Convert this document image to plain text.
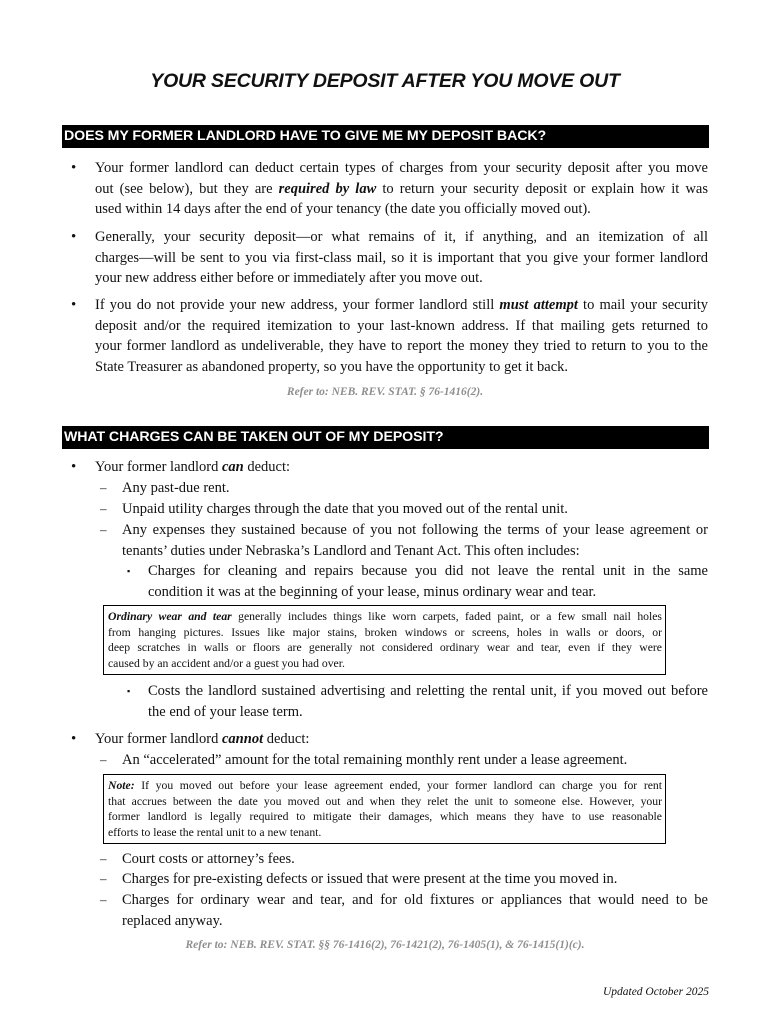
YOUR SECURITY DEPOSIT AFTER YOU MOVE OUT
DOES MY FORMER LANDLORD HAVE TO GIVE ME MY DEPOSIT BACK?
• Your former landlord can deduct certain types of charges from your security deposit after you move
out (see below), but they are required by law to return your security deposit or explain how it was
used within 14 days after the end of your tenancy (the date you officially moved out).
• Generally, your security deposit—or what remains of it, if anything, and an itemization of all
charges—will be sent to you via first-class mail, so it is important that you give your former landlord
your new address either before or immediately after you move out.
• If you do not provide your new address, your former landlord still must attempt to mail your security
deposit and/or the required itemization to your last-known address. If that mailing gets returned to
your former landlord as undeliverable, they have to report the money they tried to return to you to the
State Treasurer as abandoned property, so you have the opportunity to get it back.
Refer to: NEB. REV. STAT. § 76-1416(2).
WHAT CHARGES CAN BE TAKEN OUT OF MY DEPOSIT?
• Your former landlord can deduct:
– Any past-due rent.
– Unpaid utility charges through the date that you moved out of the rental unit.
– Any expenses they sustained because of you not following the terms of your lease agreement or
tenants’ duties under Nebraska’s Landlord and Tenant Act. This often includes:
▪ Charges for cleaning and repairs because you did not leave the rental unit in the same
condition it was at the beginning of your lease, minus ordinary wear and tear.
Ordinary wear and tear generally includes things like worn carpets, faded paint, or a few small nail holes
from hanging pictures. Issues like major stains, broken windows or screens, holes in walls or doors, or
deep scratches in walls or floors are generally not considered ordinary wear and tear, even if they were
caused by an accident and/or a guest you had over.
▪ Costs the landlord sustained advertising and reletting the rental unit, if you moved out before
the end of your lease term.
• Your former landlord cannot deduct:
– An “accelerated” amount for the total remaining monthly rent under a lease agreement.
Note: If you moved out before your lease agreement ended, your former landlord can charge you for rent
that accrues between the date you moved out and when they relet the unit to someone else. However, your
former landlord is legally required to mitigate their damages, which means they have to use reasonable
efforts to lease the rental unit to a new tenant.
– Court costs or attorney’s fees.
– Charges for pre-existing defects or issued that were present at the time you moved in.
– Charges for ordinary wear and tear, and for old fixtures or appliances that would need to be
replaced anyway.
Refer to: NEB. REV. STAT. §§ 76-1416(2), 76-1421(2), 76-1405(1), & 76-1415(1)(c).
Updated October 2025
